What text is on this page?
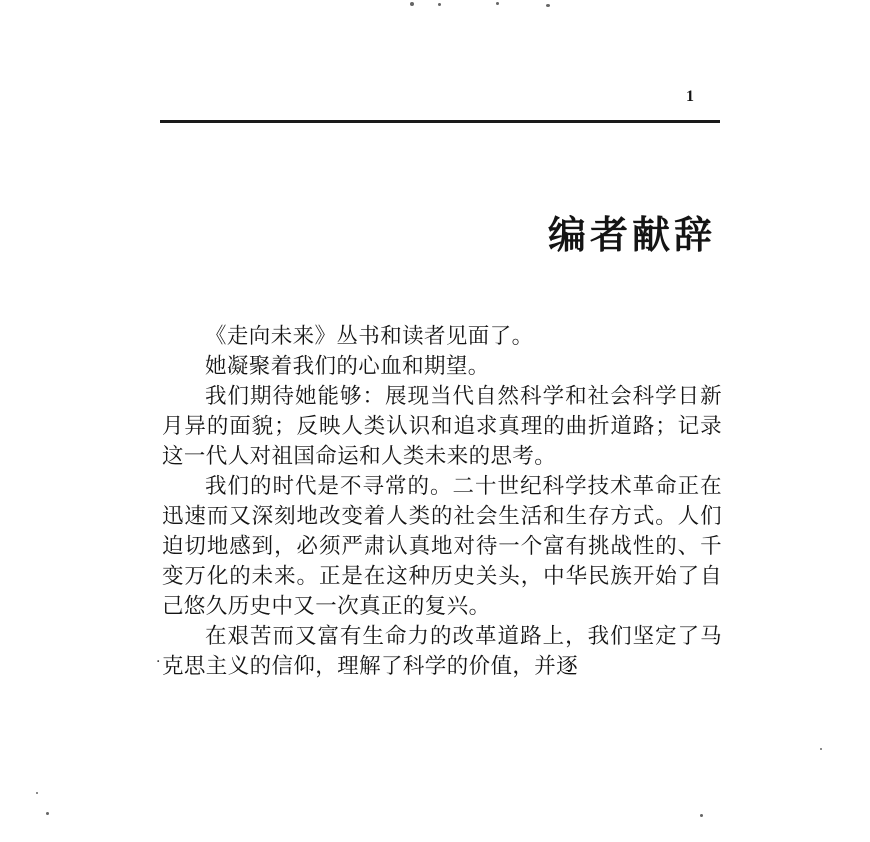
1
编者献辞
·

《走向未来》丛书和读者见面了。

她凝聚着我们的心血和期望。

我们期待她能够：展现当代自然科学和社会科学日新月异的面貌；反映人类认识和追求真理的曲折道路；记录这一代人对祖国命运和人类未来的思考。

我们的时代是不寻常的。二十世纪科学技术革命正在迅速而又深刻地改变着人类的社会生活和生存方式。人们迫切地感到，必须严肃认真地对待一个富有挑战性的、千变万化的未来。正是在这种历史关头，中华民族开始了自己悠久历史中又一次真正的复兴。

在艰苦而又富有生命力的改革道路上，我们坚定了马克思主义的信仰，理解了科学的价值，并逐
